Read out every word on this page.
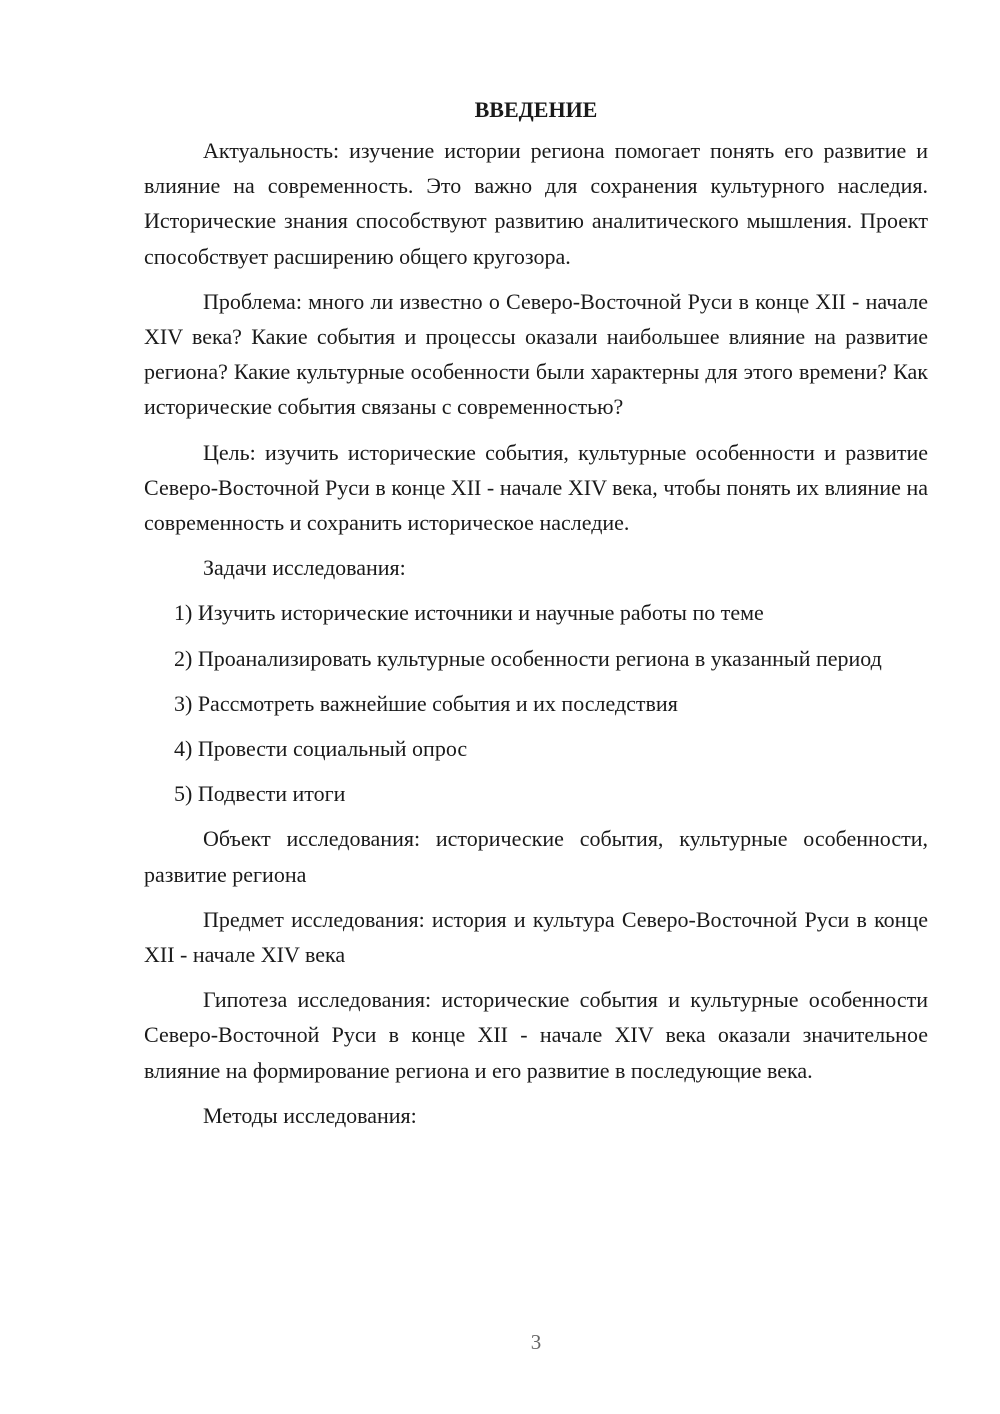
ВВЕДЕНИЕ

Актуальность: изучение истории региона помогает понять его развитие и влияние на современность. Это важно для сохранения культурного наследия. Исторические знания способствуют развитию аналитического мышления. Проект способствует расширению общего кругозора.

Проблема: много ли известно о Северо-Восточной Руси в конце XII - начале XIV века? Какие события и процессы оказали наибольшее влияние на развитие региона? Какие культурные особенности были характерны для этого времени? Как исторические события связаны с современностью?

Цель: изучить исторические события, культурные особенности и развитие Северо-Восточной Руси в конце XII - начале XIV века, чтобы понять их влияние на современность и сохранить историческое наследие.

Задачи исследования:

1) Изучить исторические источники и научные работы по теме

2) Проанализировать культурные особенности региона в указанный период

3) Рассмотреть важнейшие события и их последствия

4) Провести социальный опрос

5) Подвести итоги

Объект исследования: исторические события, культурные особенности, развитие региона

Предмет исследования: история и культура Северо-Восточной Руси в конце XII - начале XIV века

Гипотеза исследования: исторические события и культурные особенности Северо-Восточной Руси в конце XII - начале XIV века оказали значительное влияние на формирование региона и его развитие в последующие века.

Методы исследования:

3
